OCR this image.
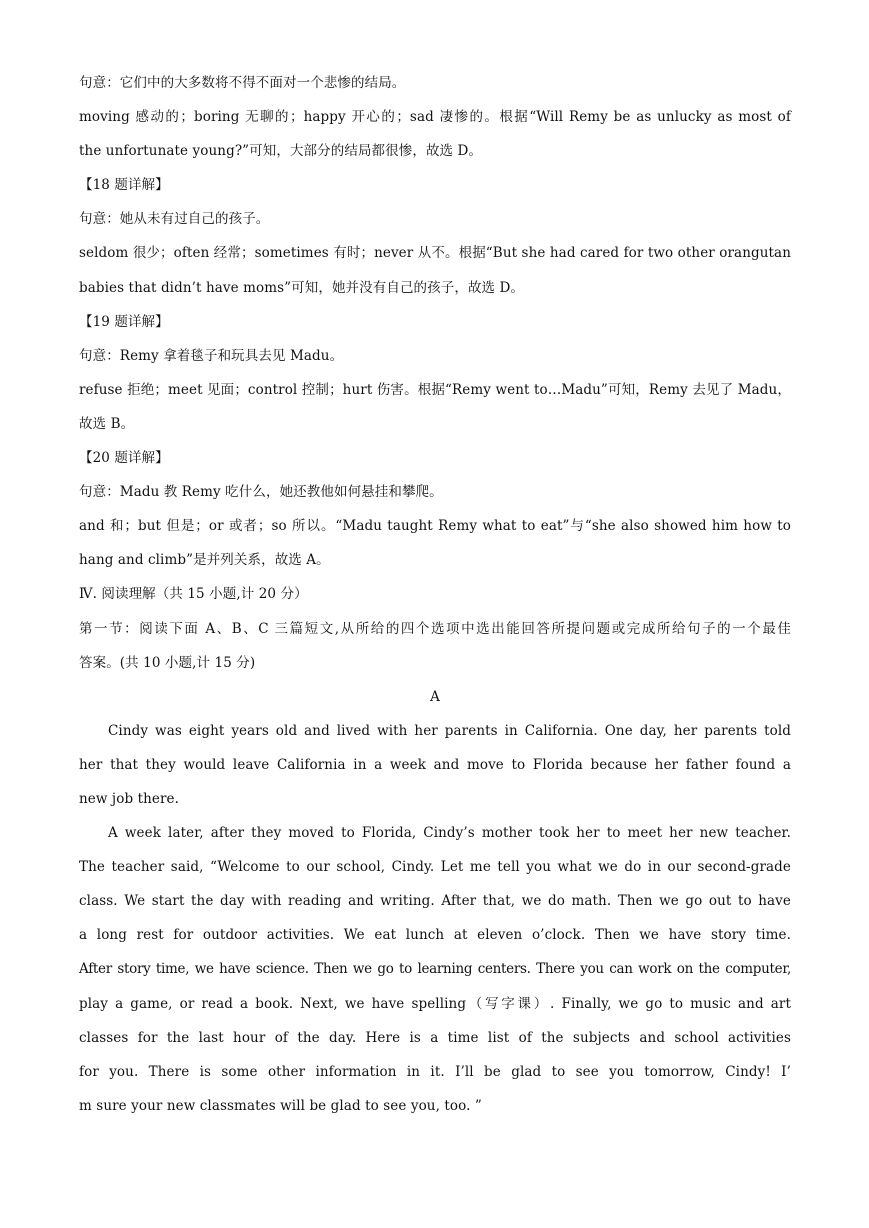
句意：它们中的大多数将不得不面对一个悲惨的结局。
moving 感动的；boring 无聊的；happy 开心的；sad 凄惨的。根据“Will Remy be as unlucky as most of
the unfortunate young?”可知，大部分的结局都很惨，故选 D。
【18 题详解】
句意：她从未有过自己的孩子。
seldom 很少；often 经常；sometimes 有时；never 从不。根据“But she had cared for two other orangutan
babies that didn’t have moms”可知，她并没有自己的孩子，故选 D。
【19 题详解】
句意：Remy 拿着毯子和玩具去见 Madu。
refuse 拒绝；meet 见面；control 控制；hurt 伤害。根据“Remy went to…Madu”可知，Remy 去见了 Madu，
故选 B。
【20 题详解】
句意：Madu 教 Remy 吃什么，她还教他如何悬挂和攀爬。
and 和；but 但是；or 或者；so 所以。“Madu taught Remy what to eat”与“she also showed him how to
hang and climb”是并列关系，故选 A。
Ⅳ. 阅读理解（共 15 小题,计 20 分）
第一节：阅读下面 A、B、C 三篇短文,从所给的四个选项中选出能回答所提问题或完成所给句子的一个最佳
答案。(共 10 小题,计 15 分)
A
Cindy was eight years old and lived with her parents in California. One day, her parents told
her that they would leave California in a week and move to Florida because her father found a
new job there.
A week later, after they moved to Florida, Cindy’s mother took her to meet her new teacher.
The teacher said, “Welcome to our school, Cindy. Let me tell you what we do in our second-grade
class. We start the day with reading and writing. After that, we do math. Then we go out to have
a long rest for outdoor activities. We eat lunch at eleven o’clock. Then we have story time.
After story time, we have science. Then we go to learning centers. There you can work on the computer,
play a game, or read a book. Next, we have spelling（写字课）. Finally, we go to music and art
classes for the last hour of the day. Here is a time list of the subjects and school activities
for you. There is some other information in it. I’ll be glad to see you tomorrow, Cindy! I’
m sure your new classmates will be glad to see you, too. ”
